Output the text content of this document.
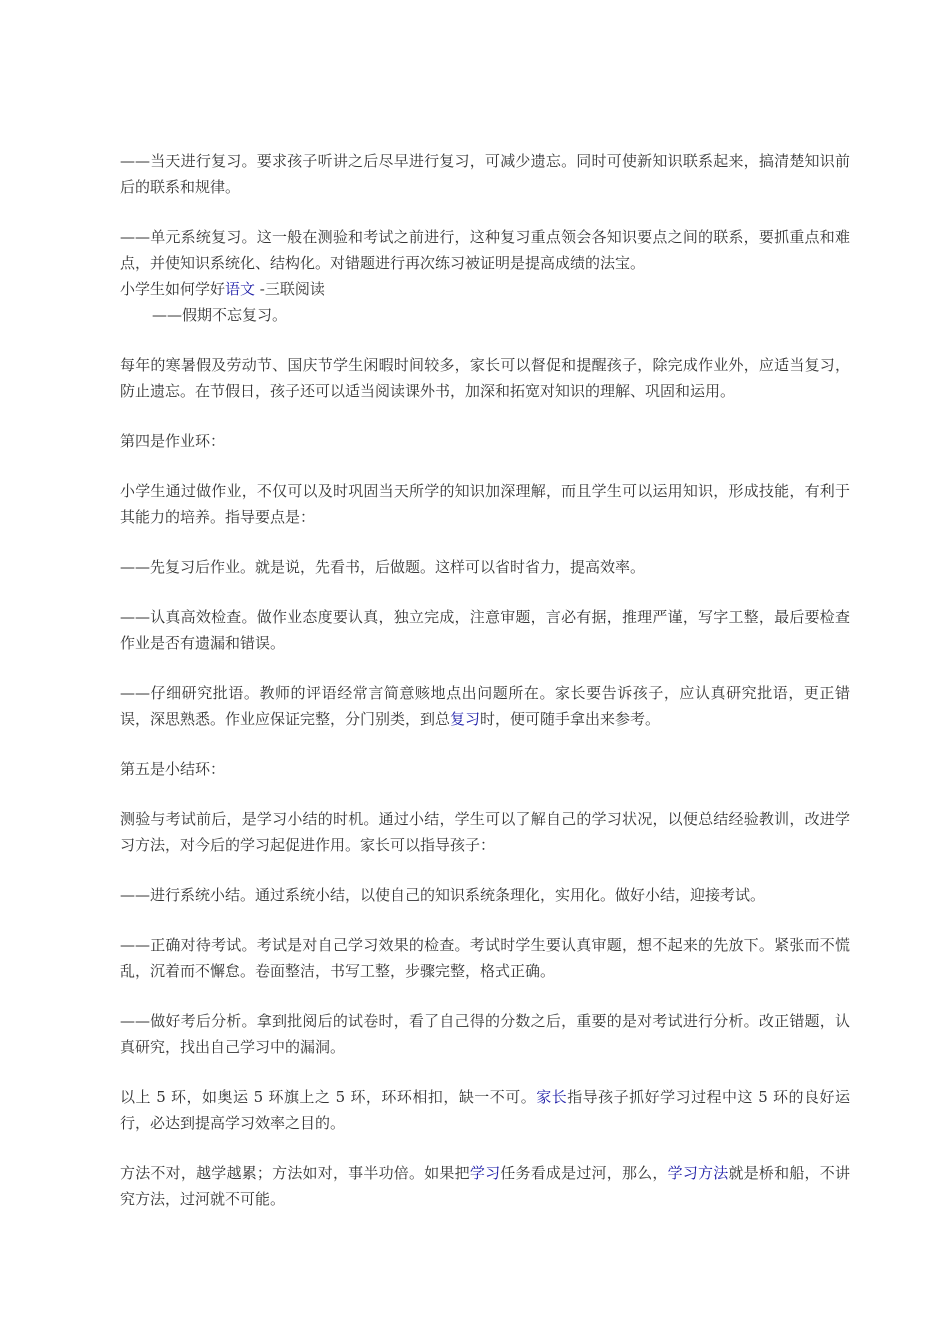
——当天进行复习。要求孩子听讲之后尽早进行复习，可减少遗忘。同时可使新知识联系起来，搞清楚知识前后的联系和规律。

——单元系统复习。这一般在测验和考试之前进行，这种复习重点领会各知识要点之间的联系，要抓重点和难点，并使知识系统化、结构化。对错题进行再次练习被证明是提高成绩的法宝。

小学生如何学好语文 -三联阅读

——假期不忘复习。

每年的寒暑假及劳动节、国庆节学生闲暇时间较多，家长可以督促和提醒孩子，除完成作业外，应适当复习，防止遗忘。在节假日，孩子还可以适当阅读课外书，加深和拓宽对知识的理解、巩固和运用。

第四是作业环：

小学生通过做作业，不仅可以及时巩固当天所学的知识加深理解，而且学生可以运用知识，形成技能，有利于其能力的培养。指导要点是：

——先复习后作业。就是说，先看书，后做题。这样可以省时省力，提高效率。

——认真高效检查。做作业态度要认真，独立完成，注意审题，言必有据，推理严谨，写字工整，最后要检查作业是否有遗漏和错误。

——仔细研究批语。教师的评语经常言简意赅地点出问题所在。家长要告诉孩子，应认真研究批语，更正错误，深思熟悉。作业应保证完整，分门别类，到总复习时，便可随手拿出来参考。

第五是小结环：

测验与考试前后，是学习小结的时机。通过小结，学生可以了解自己的学习状况，以便总结经验教训，改进学习方法，对今后的学习起促进作用。家长可以指导孩子：

——进行系统小结。通过系统小结，以使自己的知识系统条理化，实用化。做好小结，迎接考试。

——正确对待考试。考试是对自己学习效果的检查。考试时学生要认真审题，想不起来的先放下。紧张而不慌乱，沉着而不懈怠。卷面整洁，书写工整，步骤完整，格式正确。

——做好考后分析。拿到批阅后的试卷时，看了自己得的分数之后，重要的是对考试进行分析。改正错题，认真研究，找出自己学习中的漏洞。

以上 5 环，如奥运 5 环旗上之 5 环，环环相扣，缺一不可。家长指导孩子抓好学习过程中这 5 环的良好运行，必达到提高学习效率之目的。

方法不对，越学越累；方法如对，事半功倍。如果把学习任务看成是过河，那么，学习方法就是桥和船，不讲究方法，过河就不可能。
